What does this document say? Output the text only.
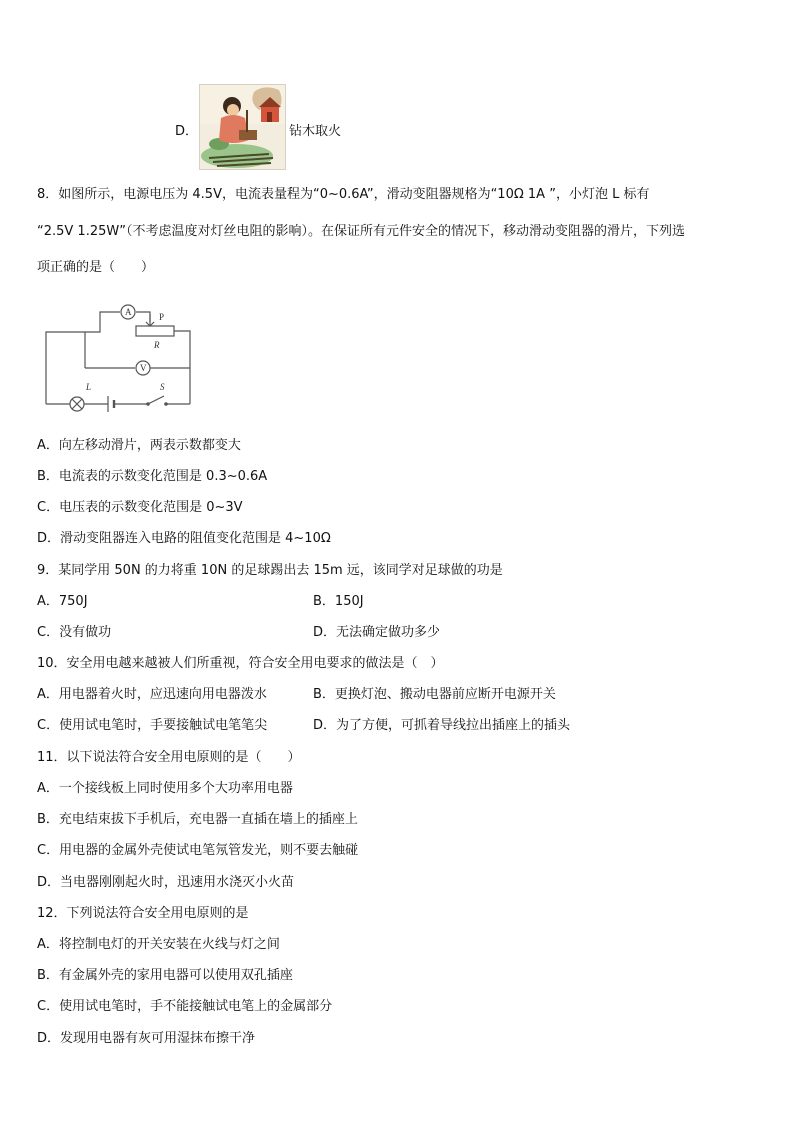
D．	钻木取火
8．如图所示，电源电压为 4.5V，电流表量程为“0~0.6A”，滑动变阻器规格为“10Ω 1A ”，小灯泡 L 标有
“2.5V 1.25W”（不考虑温度对灯丝电阻的影响）。在保证所有元件安全的情况下，移动滑动变阻器的滑片，下列选
项正确的是（　　）
A
V
P
R
L	S
A．向左移动滑片，两表示数都变大
B．电流表的示数变化范围是 0.3~0.6A
C．电压表的示数变化范围是 0~3V
D．滑动变阻器连入电路的阻值变化范围是 4~10Ω
9．某同学用 50N 的力将重 10N 的足球踢出去 15m 远，该同学对足球做的功是
A．750J	B．150J
C．没有做功	D．无法确定做功多少
10．安全用电越来越被人们所重视，符合安全用电要求的做法是（　）
A．用电器着火时，应迅速向用电器泼水	B．更换灯泡、搬动电器前应断开电源开关
C．使用试电笔时，手要接触试电笔笔尖	D．为了方便，可抓着导线拉出插座上的插头
11．以下说法符合安全用电原则的是（　　）
A．一个接线板上同时使用多个大功率用电器
B．充电结束拔下手机后，充电器一直插在墙上的插座上
C．用电器的金属外壳使试电笔氖管发光，则不要去触碰
D．当电器刚刚起火时，迅速用水浇灭小火苗
12．下列说法符合安全用电原则的是
A．将控制电灯的开关安装在火线与灯之间
B．有金属外壳的家用电器可以使用双孔插座
C．使用试电笔时，手不能接触试电笔上的金属部分
D．发现用电器有灰可用湿抹布擦干净
